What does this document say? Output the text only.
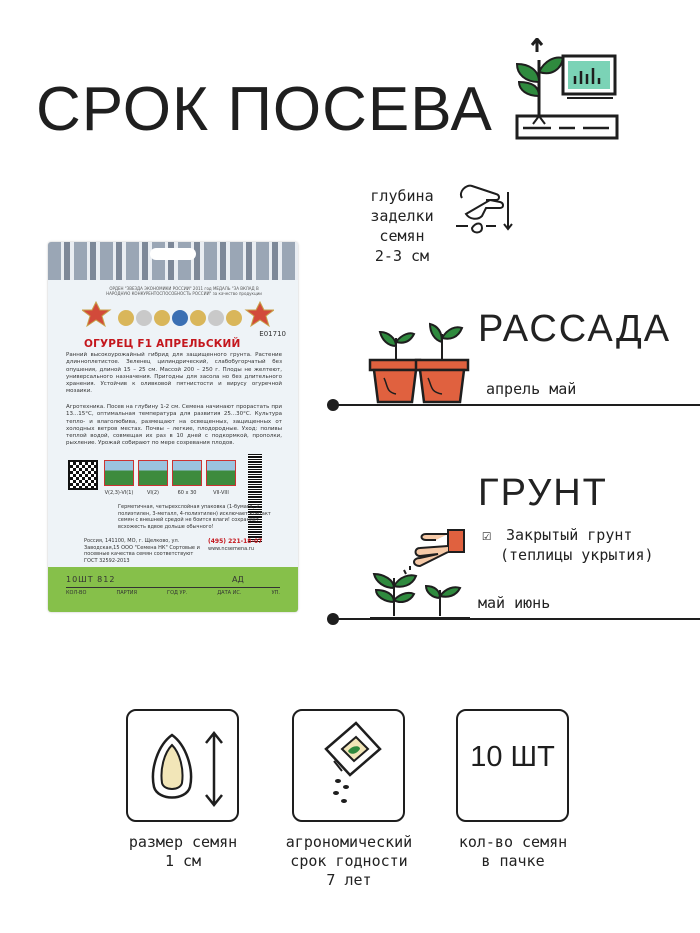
СРОК ПОСЕВА
глубина
заделки
семян
2-3 см
ОРДЕН "ЗВЕЗДА ЭКОНОМИКИ РОССИИ" 2011 год МЕДАЛЬ "ЗА ВКЛАД В НАРОДНУЮ КОНКУРЕНТОСПОСОБНОСТЬ РОССИИ" за качество продукции
E01710
ОГУРЕЦ F1 АПРЕЛЬСКИЙ
Ранний высокоурожайный гибрид для защищенного грунта. Растение длинноплетистое. Зеленец цилиндрический, слабобугорчатый без опушения, длиной 15 – 25 см. Массой 200 – 250 г. Плоды не желтеют, универсального назначения. Пригодны для засола но без длительного хранения. Устойчив к оливковой пятнистости и вирусу огуречной мозаики.
Агротехника. Посев на глубину 1-2 см. Семена начинают прорастать при 13...15°С, оптимальная температура для развития 25...30°С. Культура тепло- и влаголюбива, размещают на освещенных, защищенных от холодных ветров местах. Почвы – легкие, плодородные. Уход: поливы теплой водой, совмещая их раз в 10 дней с подкормкой, прополки, рыхление. Урожай собирают по мере созревания плодов.
V(2,3)-VI(1)	VI(2)	60 x 30	VII-VIII
Герметичная, четырехслойная упаковка (1-бумага, 2-полиэтилен, 3-металл, 4-полиэтилен) исключает контакт семян с внешней средой не боится влаги! сохраняет всхожесть вдвое дольше обычного!
Россия, 141100, МО, г. Щелково, ул. Заводская,15 ООО "Семена НК" Сортовые и посевные качества семян соответствуют ГОСТ 32592-2013
(495) 221-18-07
www.ncsemena.ru
10ШТ 812	АД
КОЛ-ВО	ПАРТИЯ	ГОД УР.	ДАТА ИС.	УП.
РАССАДА
апрель май
ГРУНТ
☑ Закрытый грунт
(теплицы укрытия)
май июнь
10 ШТ
размер семян
1 см
агрономический
срок годности
7 лет
кол-во семян
в пачке
